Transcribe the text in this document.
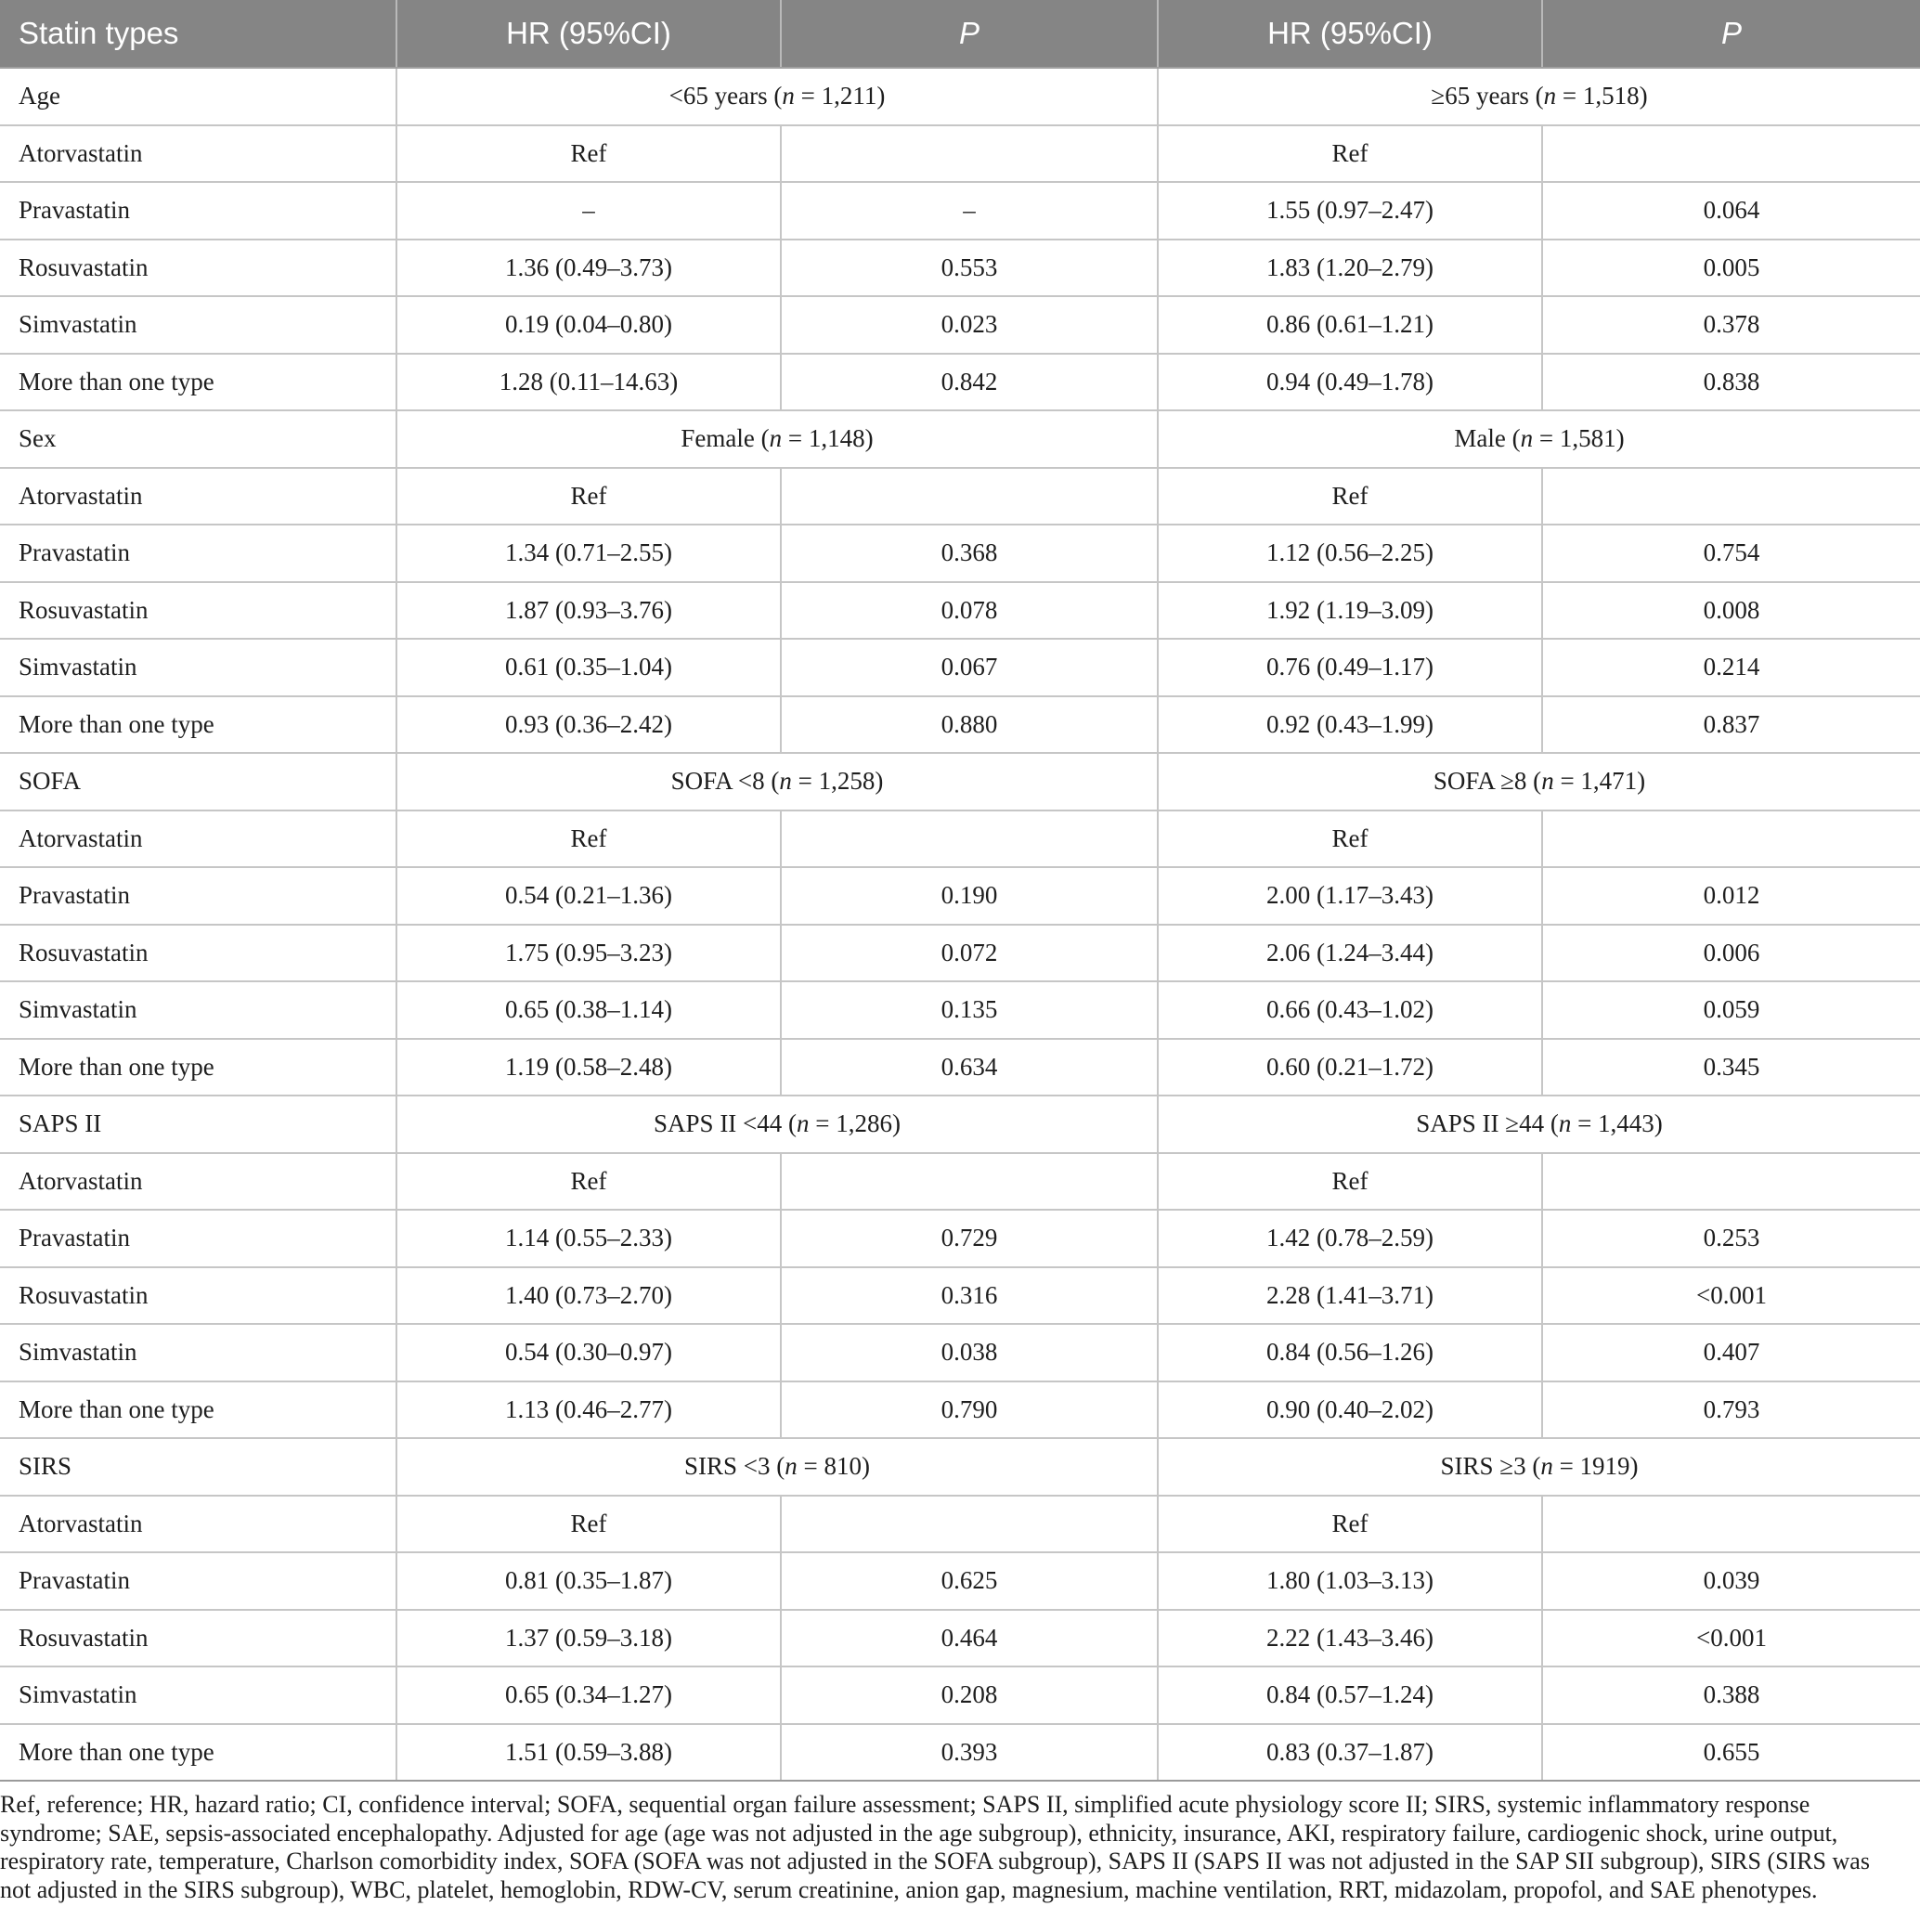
Statin types	HR (95%CI)	P	HR (95%CI)	P
Age	<65 years (n = 1,211)		≥65 years (n = 1,518)	
Atorvastatin	Ref		Ref	
Pravastatin	–	–	1.55 (0.97–2.47)	0.064
Rosuvastatin	1.36 (0.49–3.73)	0.553	1.83 (1.20–2.79)	0.005
Simvastatin	0.19 (0.04–0.80)	0.023	0.86 (0.61–1.21)	0.378
More than one type	1.28 (0.11–14.63)	0.842	0.94 (0.49–1.78)	0.838
Sex	Female (n = 1,148)		Male (n = 1,581)	
Atorvastatin	Ref		Ref	
Pravastatin	1.34 (0.71–2.55)	0.368	1.12 (0.56–2.25)	0.754
Rosuvastatin	1.87 (0.93–3.76)	0.078	1.92 (1.19–3.09)	0.008
Simvastatin	0.61 (0.35–1.04)	0.067	0.76 (0.49–1.17)	0.214
More than one type	0.93 (0.36–2.42)	0.880	0.92 (0.43–1.99)	0.837
SOFA	SOFA <8 (n = 1,258)		SOFA ≥8 (n = 1,471)	
Atorvastatin	Ref		Ref	
Pravastatin	0.54 (0.21–1.36)	0.190	2.00 (1.17–3.43)	0.012
Rosuvastatin	1.75 (0.95–3.23)	0.072	2.06 (1.24–3.44)	0.006
Simvastatin	0.65 (0.38–1.14)	0.135	0.66 (0.43–1.02)	0.059
More than one type	1.19 (0.58–2.48)	0.634	0.60 (0.21–1.72)	0.345
SAPS II	SAPS II <44 (n = 1,286)		SAPS II ≥44 (n = 1,443)	
Atorvastatin	Ref		Ref	
Pravastatin	1.14 (0.55–2.33)	0.729	1.42 (0.78–2.59)	0.253
Rosuvastatin	1.40 (0.73–2.70)	0.316	2.28 (1.41–3.71)	<0.001
Simvastatin	0.54 (0.30–0.97)	0.038	0.84 (0.56–1.26)	0.407
More than one type	1.13 (0.46–2.77)	0.790	0.90 (0.40–2.02)	0.793
SIRS	SIRS <3 (n = 810)		SIRS ≥3 (n = 1919)	
Atorvastatin	Ref		Ref	
Pravastatin	0.81 (0.35–1.87)	0.625	1.80 (1.03–3.13)	0.039
Rosuvastatin	1.37 (0.59–3.18)	0.464	2.22 (1.43–3.46)	<0.001
Simvastatin	0.65 (0.34–1.27)	0.208	0.84 (0.57–1.24)	0.388
More than one type	1.51 (0.59–3.88)	0.393	0.83 (0.37–1.87)	0.655
Ref, reference; HR, hazard ratio; CI, confidence interval; SOFA, sequential organ failure assessment; SAPS II, simplified acute physiology score II; SIRS, systemic inflammatory response syndrome; SAE, sepsis-associated encephalopathy. Adjusted for age (age was not adjusted in the age subgroup), ethnicity, insurance, AKI, respiratory failure, cardiogenic shock, urine output, respiratory rate, temperature, Charlson comorbidity index, SOFA (SOFA was not adjusted in the SOFA subgroup), SAPS II (SAPS II was not adjusted in the SAP SII subgroup), SIRS (SIRS was not adjusted in the SIRS subgroup), WBC, platelet, hemoglobin, RDW-CV, serum creatinine, anion gap, magnesium, machine ventilation, RRT, midazolam, propofol, and SAE phenotypes.
